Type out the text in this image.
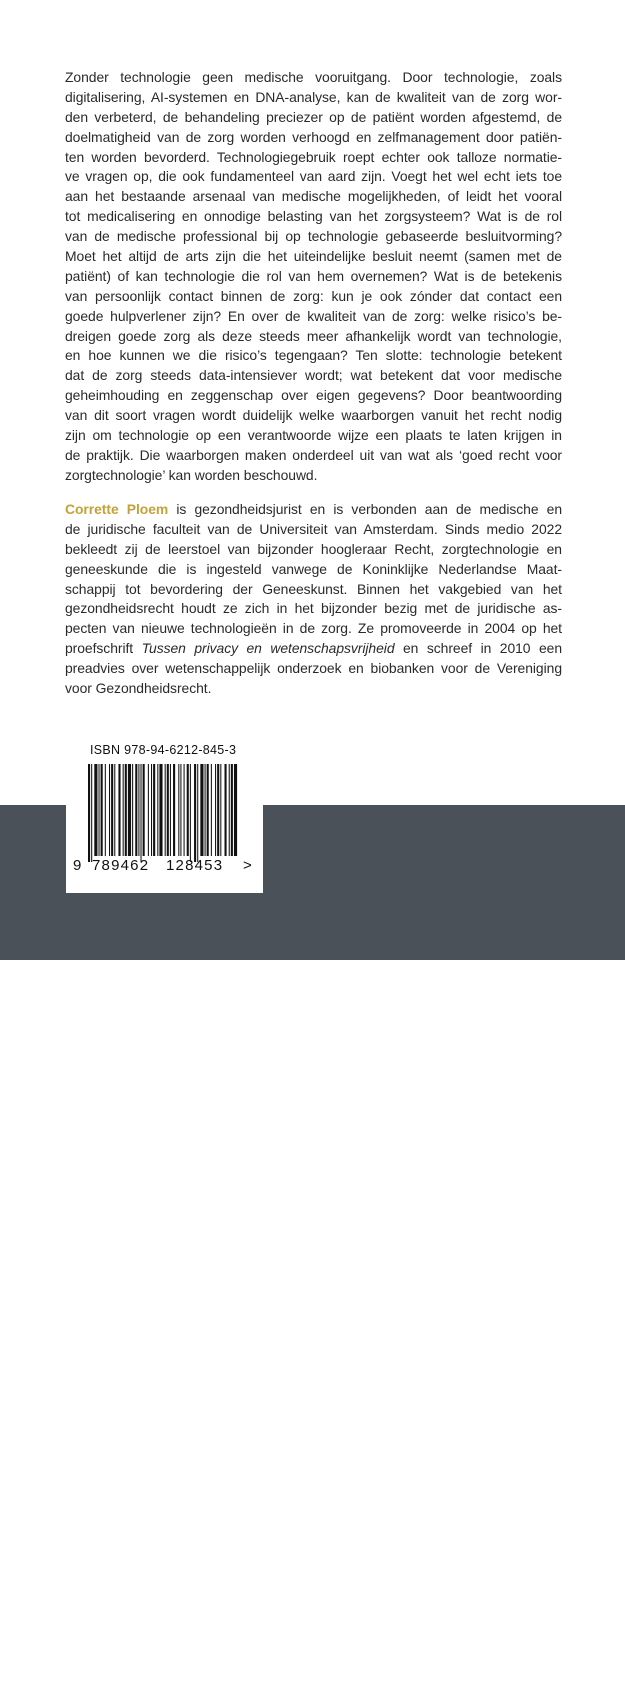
Zonder technologie geen medische vooruitgang. Door technologie, zoals
digitalisering, AI-systemen en DNA-analyse, kan de kwaliteit van de zorg wor-
den verbeterd, de behandeling preciezer op de patiënt worden afgestemd, de
doelmatigheid van de zorg worden verhoogd en zelfmanagement door patiën-
ten worden bevorderd. Technologiegebruik roept echter ook talloze normatie-
ve vragen op, die ook fundamenteel van aard zijn. Voegt het wel echt iets toe
aan het bestaande arsenaal van medische mogelijkheden, of leidt het vooral
tot medicalisering en onnodige belasting van het zorgsysteem? Wat is de rol
van de medische professional bij op technologie gebaseerde besluitvorming?
Moet het altijd de arts zijn die het uiteindelijke besluit neemt (samen met de
patiënt) of kan technologie die rol van hem overnemen? Wat is de betekenis
van persoonlijk contact binnen de zorg: kun je ook zónder dat contact een
goede hulpverlener zijn? En over de kwaliteit van de zorg: welke risico’s be-
dreigen goede zorg als deze steeds meer afhankelijk wordt van technologie,
en hoe kunnen we die risico’s tegengaan? Ten slotte: technologie betekent
dat de zorg steeds data-intensiever wordt; wat betekent dat voor medische
geheimhouding en zeggenschap over eigen gegevens? Door beantwoording
van dit soort vragen wordt duidelijk welke waarborgen vanuit het recht nodig
zijn om technologie op een verantwoorde wijze een plaats te laten krijgen in
de praktijk. Die waarborgen maken onderdeel uit van wat als ‘goed recht voor
zorgtechnologie’ kan worden beschouwd.
Corrette Ploem is gezondheidsjurist en is verbonden aan de medische en
de juridische faculteit van de Universiteit van Amsterdam. Sinds medio 2022
bekleedt zij de leerstoel van bijzonder hoogleraar Recht, zorgtechnologie en
geneeskunde die is ingesteld vanwege de Koninklijke Nederlandse Maat-
schappij tot bevordering der Geneeskunst. Binnen het vakgebied van het
gezondheidsrecht houdt ze zich in het bijzonder bezig met de juridische as-
pecten van nieuwe technologieën in de zorg. Ze promoveerde in 2004 op het
proefschrift Tussen privacy en wetenschapsvrijheid en schreef in 2010 een
preadvies over wetenschappelijk onderzoek en biobanken voor de Vereniging
voor Gezondheidsrecht.
Boomjuridisch
ISBN 978-94-6212-845-3
9 789462 128453 >
